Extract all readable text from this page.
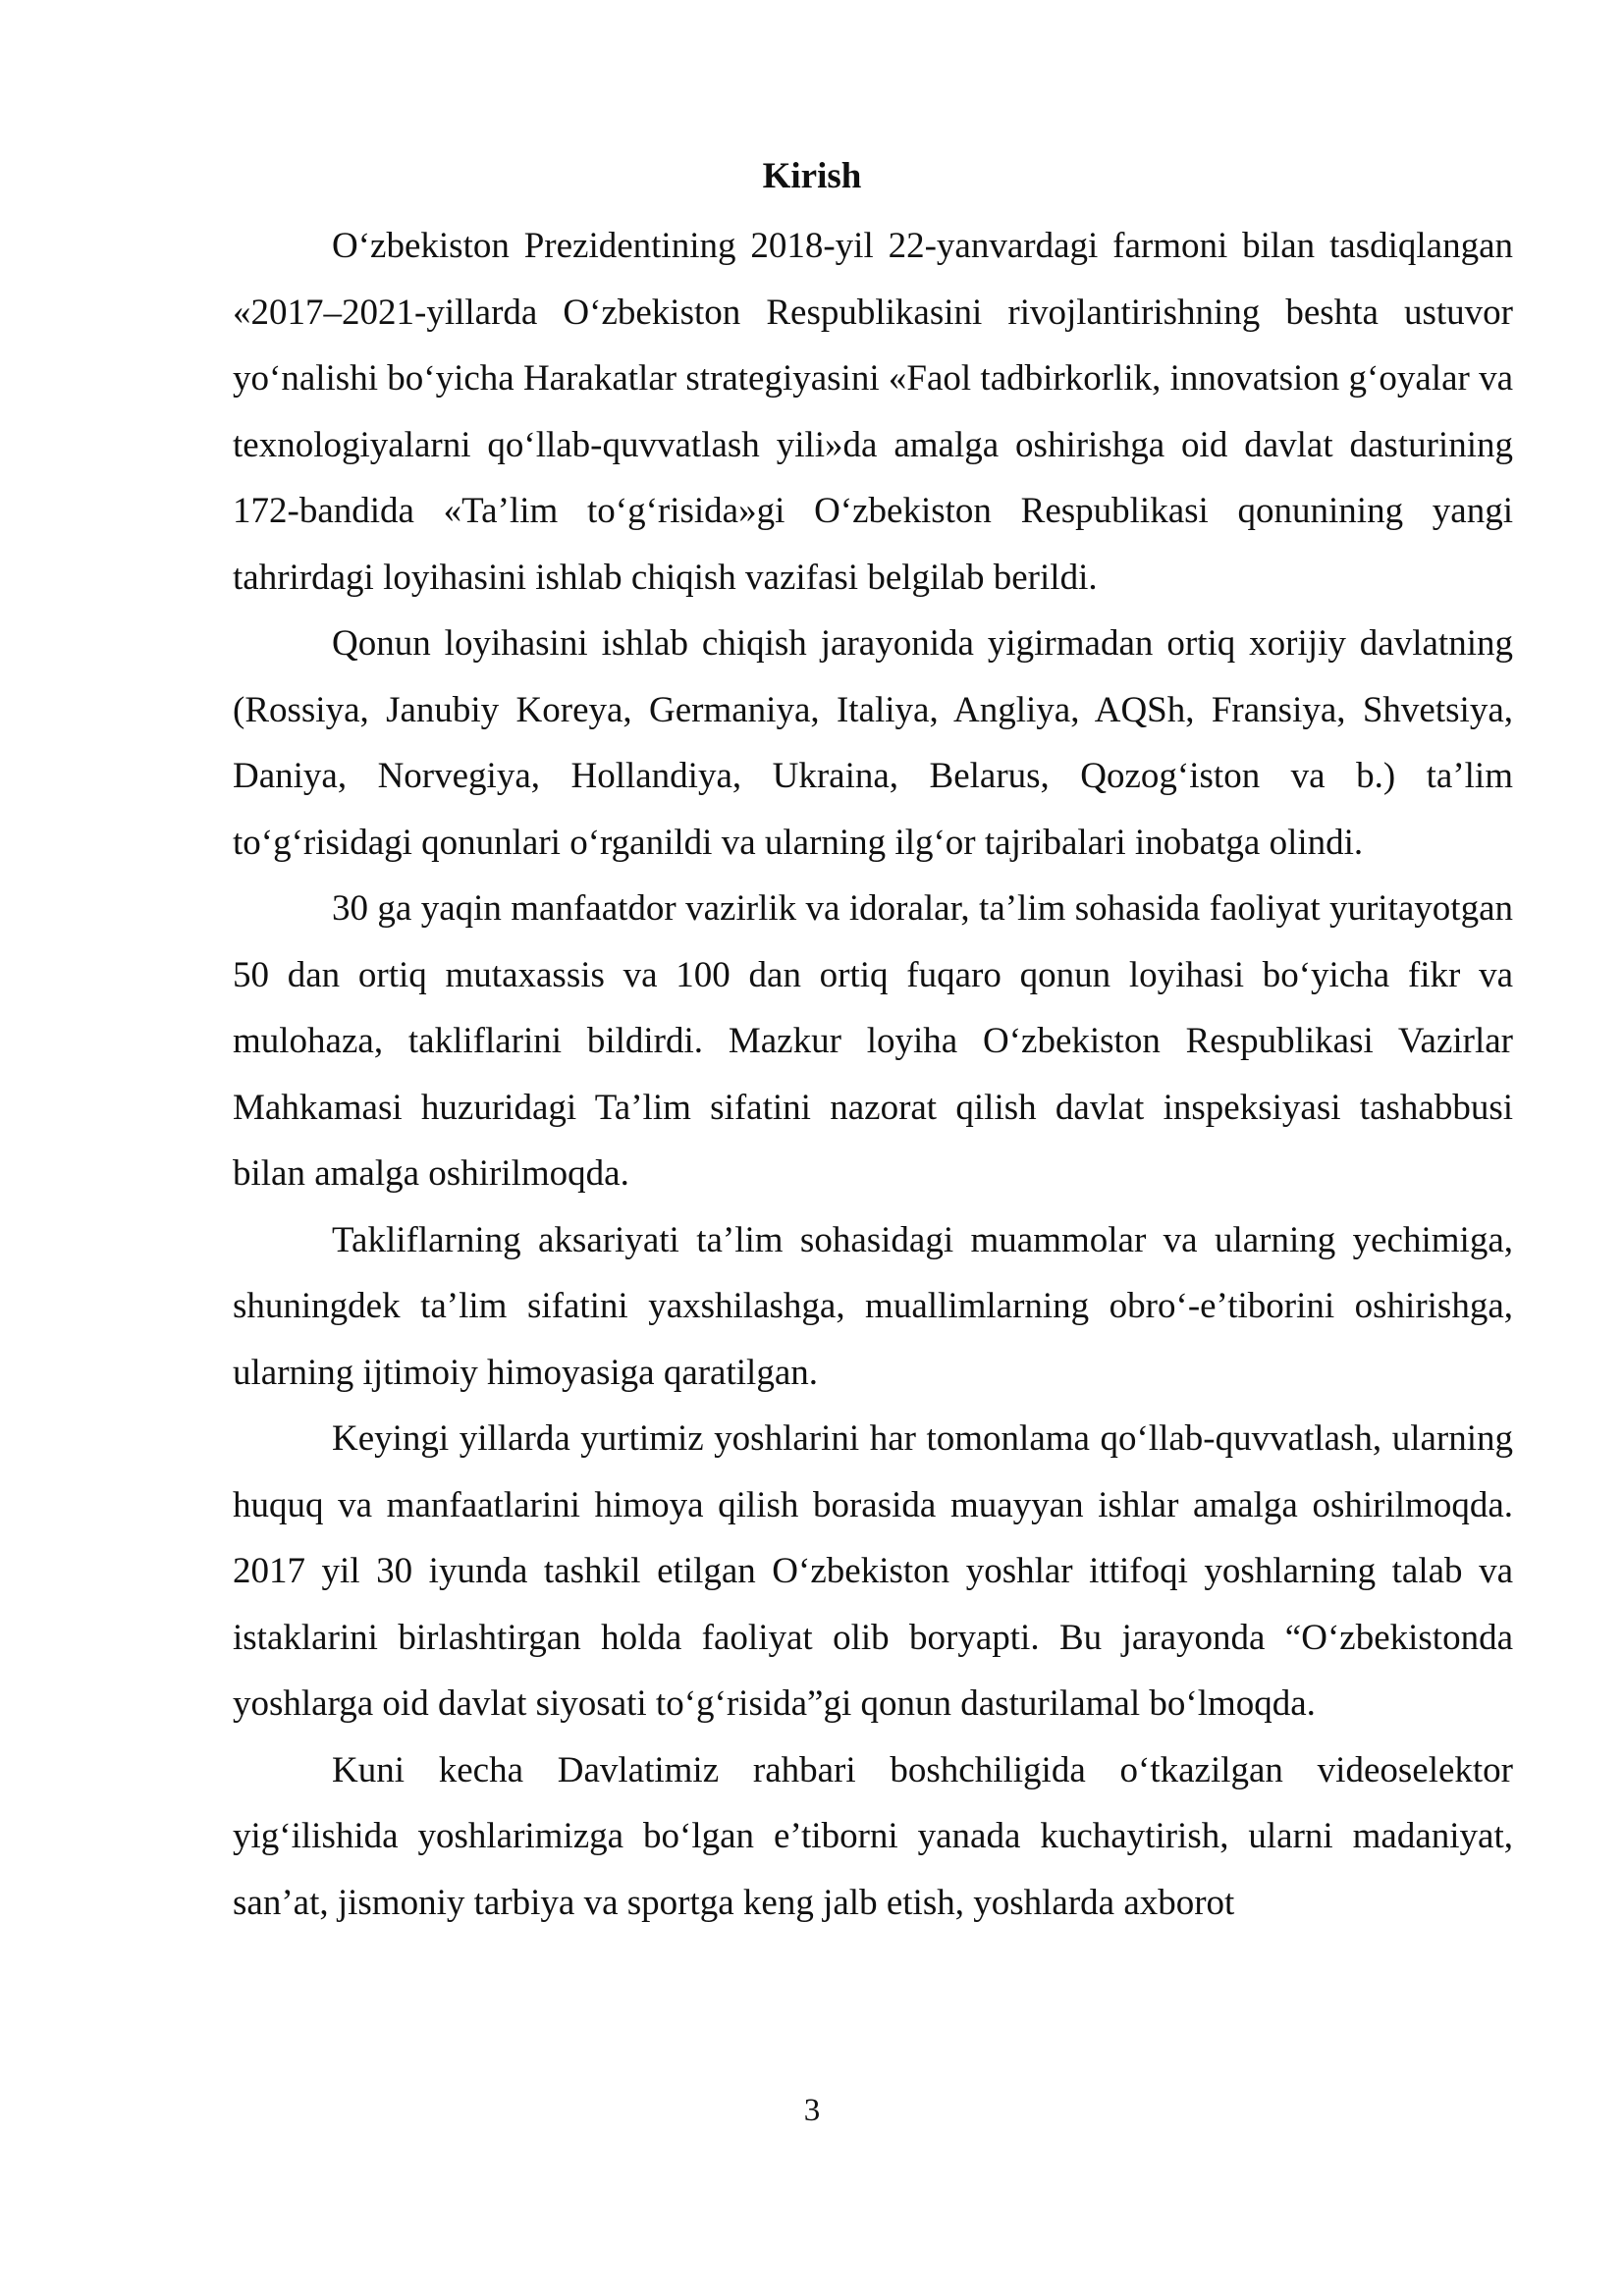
Kirish

O‘zbekiston Prezidentining 2018-yil 22-yanvardagi farmoni bilan tasdiqlangan «2017–2021-yillarda O‘zbekiston Respublikasini rivojlantirishning beshta ustuvor yo‘nalishi bo‘yicha Harakatlar strategiyasini «Faol tadbirkorlik, innovatsion g‘oyalar va texnologiyalarni qo‘llab-quvvatlash yili»da amalga oshirishga oid davlat dasturining 172-bandida «Ta’lim to‘g‘risida»gi O‘zbekiston Respublikasi qonunining yangi tahrirdagi loyihasini ishlab chiqish vazifasi belgilab berildi.

Qonun loyihasini ishlab chiqish jarayonida yigirmadan ortiq xorijiy davlatning (Rossiya, Janubiy Koreya, Germaniya, Italiya, Angliya, AQSh, Fransiya, Shvetsiya, Daniya, Norvegiya, Hollandiya, Ukraina, Belarus, Qozog‘iston va b.) ta’lim to‘g‘risidagi qonunlari o‘rganildi va ularning ilg‘or tajribalari inobatga olindi.

30 ga yaqin manfaatdor vazirlik va idoralar, ta’lim sohasida faoliyat yuritayotgan 50 dan ortiq mutaxassis va 100 dan ortiq fuqaro qonun loyihasi bo‘yicha fikr va mulohaza, takliflarini bildirdi. Mazkur loyiha O‘zbekiston Respublikasi Vazirlar Mahkamasi huzuridagi Ta’lim sifatini nazorat qilish davlat inspeksiyasi tashabbusi bilan amalga oshirilmoqda.

Takliflarning aksariyati ta’lim sohasidagi muammolar va ularning yechimiga, shuningdek ta’lim sifatini yaxshilashga, muallimlarning obro‘-e’tiborini oshirishga, ularning ijtimoiy himoyasiga qaratilgan.

Keyingi yillarda yurtimiz yoshlarini har tomonlama qo‘llab-quvvatlash, ularning huquq va manfaatlarini himoya qilish borasida muayyan ishlar amalga oshirilmoqda. 2017 yil 30 iyunda tashkil etilgan O‘zbekiston yoshlar ittifoqi yoshlarning talab va istaklarini birlashtirgan holda faoliyat olib boryapti. Bu jarayonda “O‘zbekistonda yoshlarga oid davlat siyosati to‘g‘risida”gi qonun dasturilamal bo‘lmoqda.

Kuni kecha Davlatimiz rahbari boshchiligida o‘tkazilgan videoselektor yig‘ilishida yoshlarimizga bo‘lgan e’tiborni yanada kuchaytirish, ularni madaniyat, san’at, jismoniy tarbiya va sportga keng jalb etish, yoshlarda axborot

3
